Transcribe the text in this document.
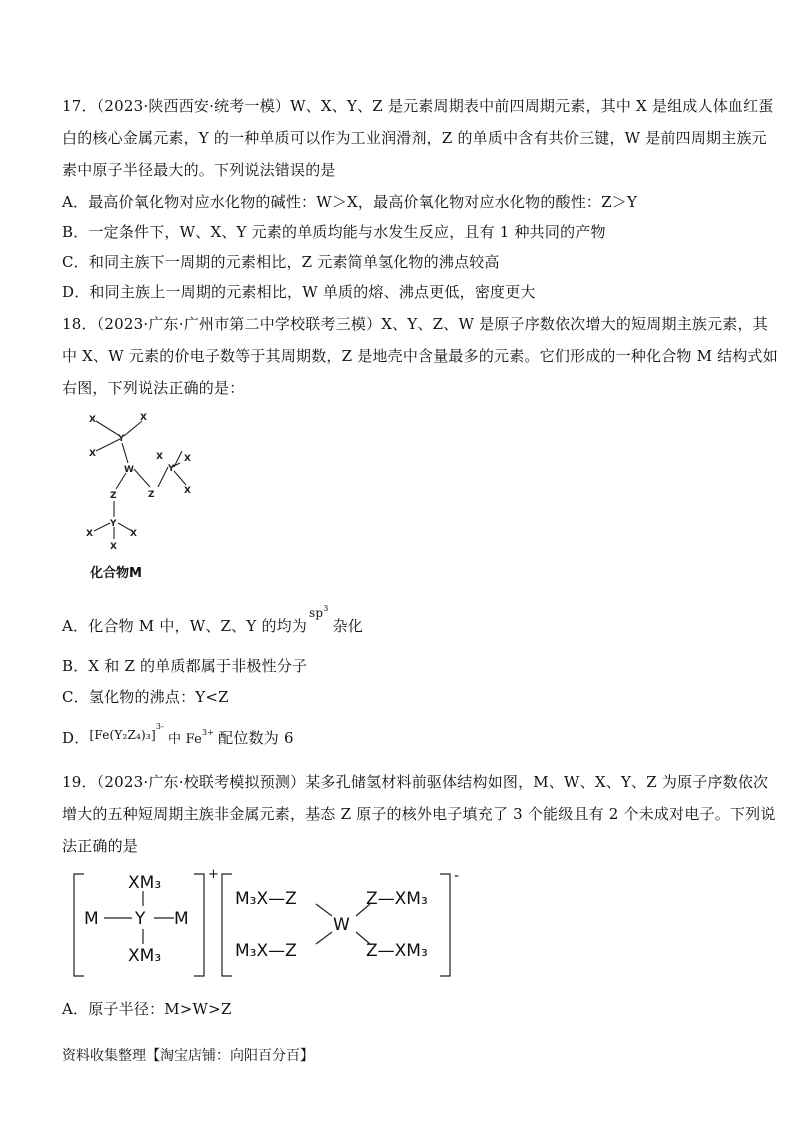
17．（2023·陕西西安·统考一模）W、X、Y、Z 是元素周期表中前四周期元素，其中 X 是组成人体血红蛋
白的核心金属元素，Y 的一种单质可以作为工业润滑剂，Z 的单质中含有共价三键，W 是前四周期主族元
素中原子半径最大的。下列说法错误的是
A．最高价氧化物对应水化物的碱性：W＞X，最高价氧化物对应水化物的酸性：Z＞Y
B．一定条件下，W、X、Y 元素的单质均能与水发生反应，且有 1 种共同的产物
C．和同主族下一周期的元素相比，Z 元素简单氢化物的沸点较高
D．和同主族上一周期的元素相比，W 单质的熔、沸点更低，密度更大
18．（2023·广东·广州市第二中学校联考三模）X、Y、Z、W 是原子序数依次增大的短周期主族元素，其
中 X、W 元素的价电子数等于其周期数，Z 是地壳中含量最多的元素。它们形成的一种化合物 M 结构式如
右图，下列说法正确的是：
X	X
Y
X
W
X
Y
X
Z	Z	X
Y
X	X
X
化合物M
A．化合物 M 中，W、Z、Y 的均为$^{sp3}$杂化
B．X 和 Z 的单质都属于非极性分子
C．氢化物的沸点：Y<Z
D．$^{[Fe(Y_2Z_4)_3]3-}$中 $Fe^{3+}$ 配位数为 6
19．（2023·广东·校联考模拟预测）某多孔储氢材料前驱体结构如图，M、W、X、Y、Z 为原子序数依次
增大的五种短周期主族非金属元素，基态 Z 原子的核外电子填充了 3 个能级且有 2 个未成对电子。下列说
法正确的是
XM₃
M Y M
XM₃
M₃X—Z
M₃X—Z
W
Z—XM₃
Z—XM₃
+	-
A．原子半径：M>W>Z
资料收集整理【淘宝店铺：向阳百分百】
